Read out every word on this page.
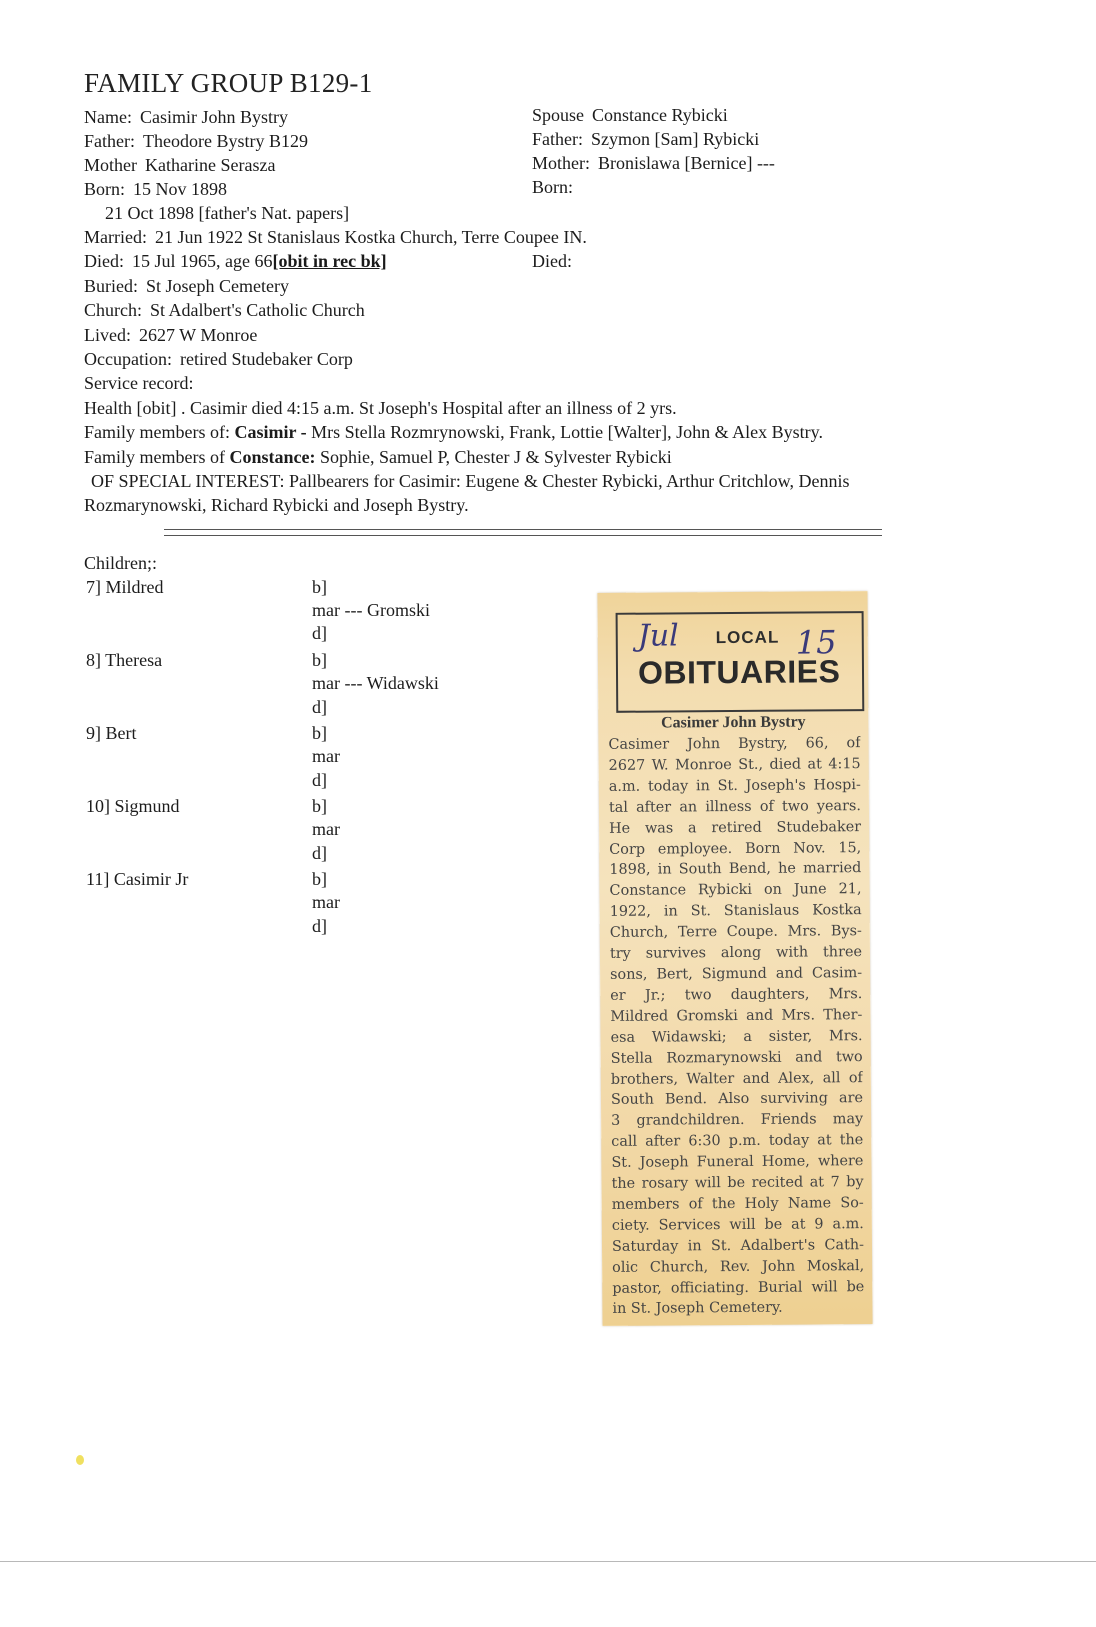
FAMILY GROUP B129-1
Name: Casimir John Bystry
Father: Theodore Bystry B129
Mother Katharine Serasza
Born: 15 Nov 1898
21 Oct 1898 [father's Nat. papers]
Married: 21 Jun 1922 St Stanislaus Kostka Church, Terre Coupee IN.
Died: 15 Jul 1965, age 66[obit in rec bk]
Buried: St Joseph Cemetery
Church: St Adalbert's Catholic Church
Lived: 2627 W Monroe
Occupation: retired Studebaker Corp
Service record:
Spouse Constance Rybicki
Father: Szymon [Sam] Rybicki
Mother: Bronislawa [Bernice] ---
Born:
Died:
Health [obit] . Casimir died 4:15 a.m. St Joseph's Hospital after an illness of 2 yrs.
Family members of: Casimir - Mrs Stella Rozmrynowski, Frank, Lottie [Walter], John & Alex Bystry.
Family members of Constance: Sophie, Samuel P, Chester J & Sylvester Rybicki
OF SPECIAL INTEREST: Pallbearers for Casimir: Eugene & Chester Rybicki, Arthur Critchlow, Dennis
Rozmarynowski, Richard Rybicki and Joseph Bystry.
Children;:
7] Mildred	b]
mar --- Gromski
d]
8] Theresa	b]
mar --- Widawski
d]
9] Bert	b]
mar
d]
10] Sigmund	b]
mar
d]
11] Casimir Jr	b]
mar
d]
Jul	15
LOCAL
OBITUARIES
Casimer John Bystry
Casimer John Bystry, 66, of
2627 W. Monroe St., died at 4:15
a.m. today in St. Joseph's Hospi-
tal after an illness of two years.
He was a retired Studebaker
Corp employee. Born Nov. 15,
1898, in South Bend, he married
Constance Rybicki on June 21,
1922, in St. Stanislaus Kostka
Church, Terre Coupe. Mrs. Bys-
try survives along with three
sons, Bert, Sigmund and Casim-
er Jr.; two daughters, Mrs.
Mildred Gromski and Mrs. Ther-
esa Widawski; a sister, Mrs.
Stella Rozmarynowski and two
brothers, Walter and Alex, all of
South Bend. Also surviving are
3 grandchildren. Friends may
call after 6:30 p.m. today at the
St. Joseph Funeral Home, where
the rosary will be recited at 7 by
members of the Holy Name So-
ciety. Services will be at 9 a.m.
Saturday in St. Adalbert's Cath-
olic Church, Rev. John Moskal,
pastor, officiating. Burial will be
in St. Joseph Cemetery.
